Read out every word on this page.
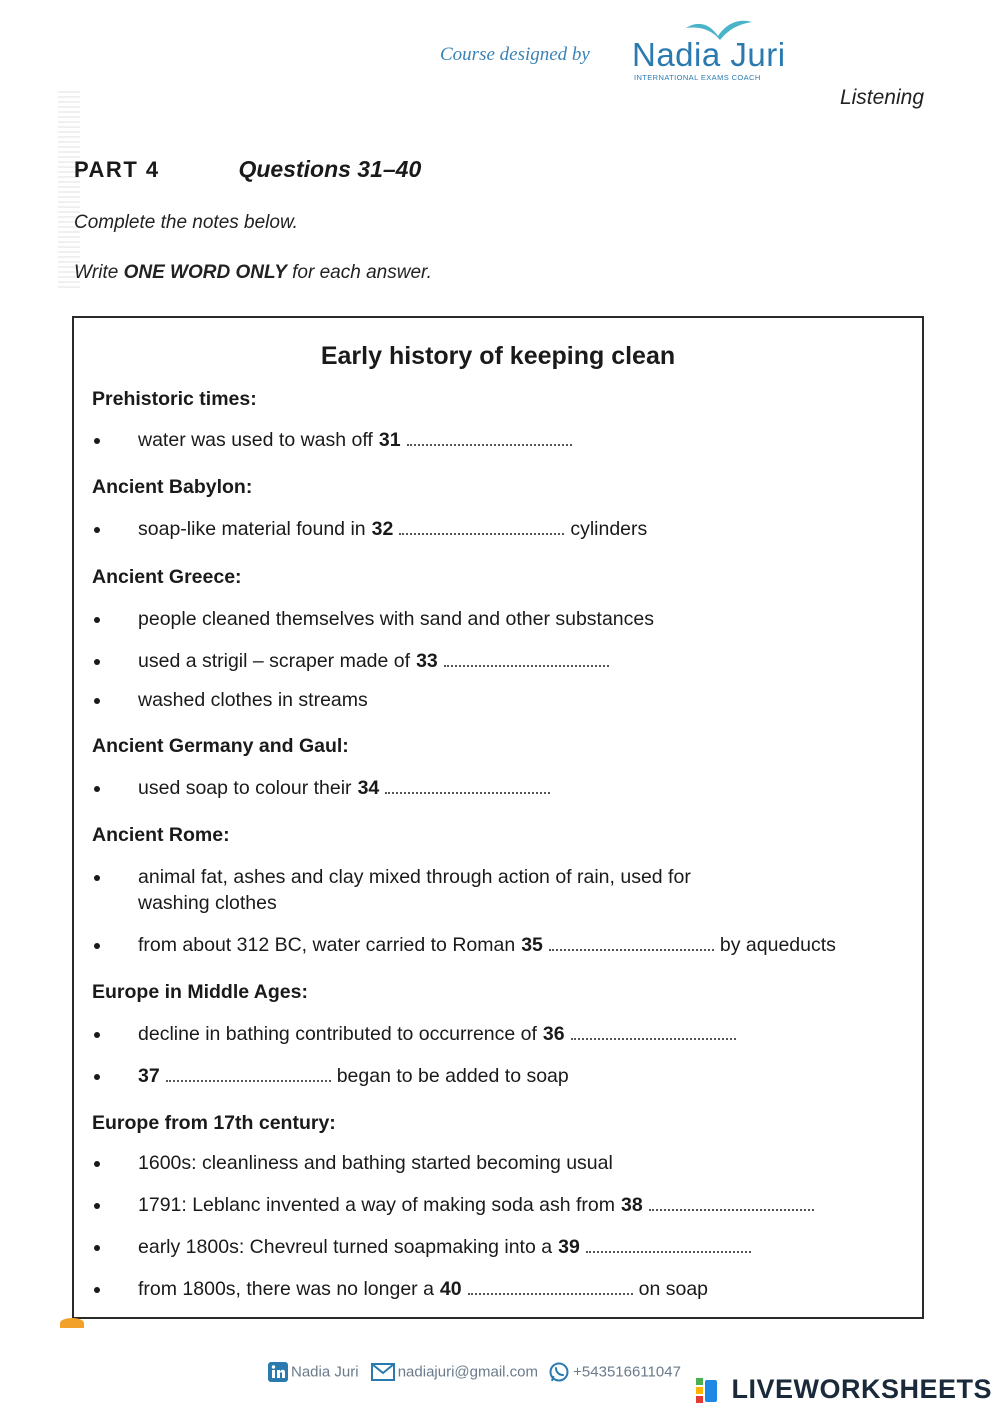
Course designed by Nadia Juri
INTERNATIONAL EXAMS COACH
Listening
PART 4	Questions 31–40
Complete the notes below.
Write ONE WORD ONLY for each answer.
Early history of keeping clean
Prehistoric times:
water was used to wash off 31
Ancient Babylon:
soap-like material found in 32	cylinders
Ancient Greece:
people cleaned themselves with sand and other substances
used a strigil – scraper made of 33
washed clothes in streams
Ancient Germany and Gaul:
used soap to colour their 34
Ancient Rome:
animal fat, ashes and clay mixed through action of rain, used for
washing clothes
from about 312 BC, water carried to Roman 35	by aqueducts
Europe in Middle Ages:
decline in bathing contributed to occurrence of 36
37	began to be added to soap
Europe from 17th century:
1600s: cleanliness and bathing started becoming usual
1791: Leblanc invented a way of making soda ash from 38
early 1800s: Chevreul turned soapmaking into a 39
from 1800s, there was no longer a 40	on soap
Nadia Juri	nadiajuri@gmail.com +543516611047
LIVEWORKSHEETS
